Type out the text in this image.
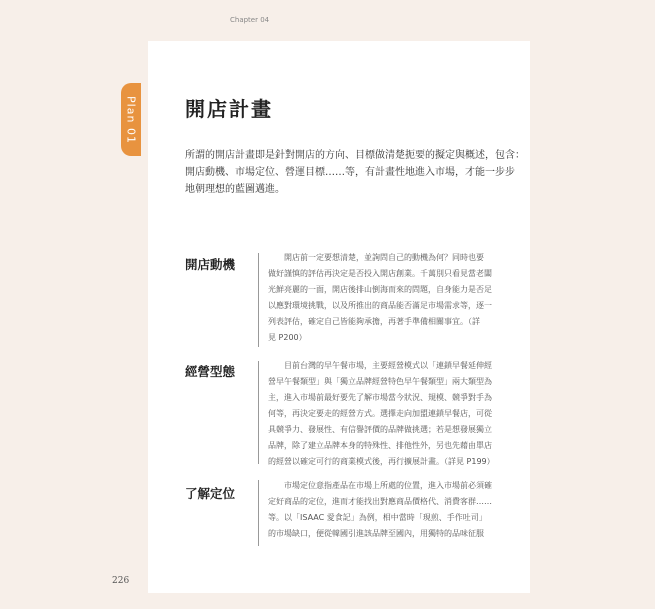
Chapter 04
Plan 01 開店計畫
所謂的開店計畫即是針對開店的方向、目標做清楚扼要的擬定與概述，包含：
開店動機、市場定位、營運目標……等，有計畫性地進入市場，才能一步步
地朝理想的藍圖邁進。
開店動機	開店前一定要想清楚，並詢問自己的動機為何？同時也要
做好謹慎的評估再決定是否投入開店創業。千萬別只看見當老闆
光鮮亮麗的一面，開店後排山倒海而來的問題，自身能力是否足
以應對環境挑戰，以及所推出的商品能否滿足市場需求等，逐一
列表評估，確定自己皆能夠承擔，再著手準備相關事宜。（詳
見 P200）
經營型態	目前台灣的早午餐市場，主要經營模式以「連鎖早餐延伸經
營早午餐類型」與「獨立品牌經營特色早午餐類型」兩大類型為
主，進入市場前最好要先了解市場當今狀況、規模、競爭對手為
何等，再決定要走的經營方式。選擇走向加盟連鎖早餐店，可從
具競爭力、發展性、有信譽評價的品牌做挑選；若是想發展獨立
品牌，除了建立品牌本身的特殊性、排他性外，另也先藉由單店
的經營以確定可行的商業模式後，再行擴展計畫。（詳見 P199）
了解定位
市場定位意指產品在市場上所處的位置，進入市場前必須確
定好商品的定位，進而才能找出對應商品價格代、消費客群……
等。以「ISAAC 愛食記」為例，相中當時「現煎、手作吐司」
的市場缺口，便從韓國引進該品牌至國內，用獨特的品味征服
226
